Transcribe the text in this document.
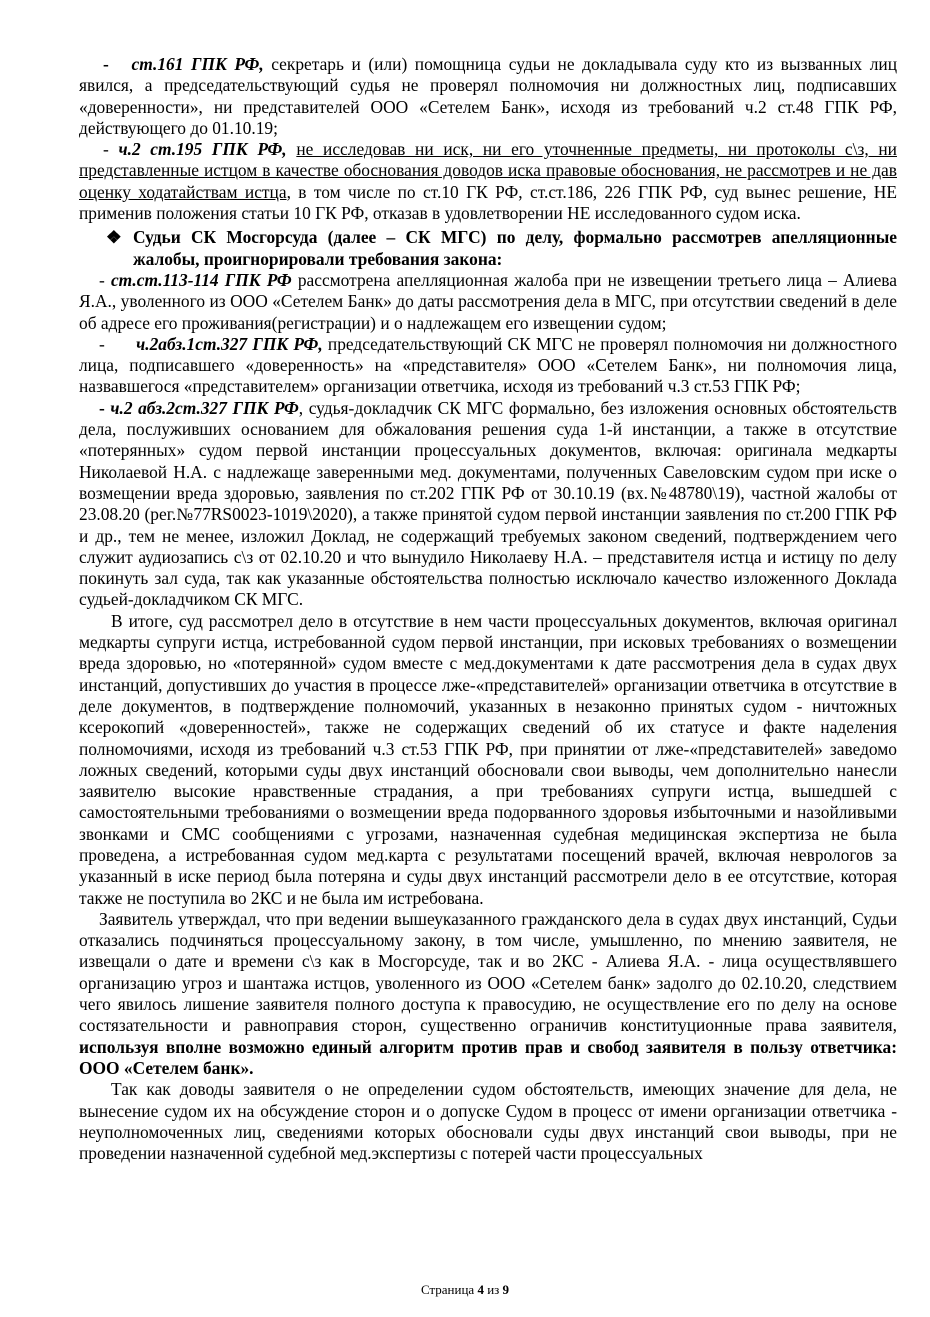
- ст.161 ГПК РФ, секретарь и (или) помощница судьи не докладывала суду кто из вызванных лиц явился, а председательствующий судья не проверял полномочия ни должностных лиц, подписавших «доверенности», ни представителей ООО «Сетелем Банк», исходя из требований ч.2 ст.48 ГПК РФ, действующего до 01.10.19;

- ч.2 ст.195 ГПК РФ, не исследовав ни иск, ни его уточненные предметы, ни протоколы с\з, ни представленные истцом в качестве обоснования доводов иска правовые обоснования, не рассмотрев и не дав оценку ходатайствам истца, в том числе по ст.10 ГК РФ, ст.ст.186, 226 ГПК РФ, суд вынес решение, НЕ применив положения статьи 10 ГК РФ, отказав в удовлетворении НЕ исследованного судом иска.

❖ Судьи СК Мосгорсуда (далее – СК МГС) по делу, формально рассмотрев апелляционные жалобы, проигнорировали требования закона:

- ст.ст.113-114 ГПК РФ рассмотрена апелляционная жалоба при не извещении третьего лица – Алиева Я.А., уволенного из ООО «Сетелем Банк» до даты рассмотрения дела в МГС, при отсутствии сведений в деле об адресе его проживания(регистрации) и о надлежащем его извещении судом;

-      ч.2абз.1ст.327 ГПК РФ, председательствующий СК МГС не проверял полномочия ни должностного лица, подписавшего «доверенность» на «представителя» ООО «Сетелем Банк», ни полномочия лица, назвавшегося «представителем» организации ответчика, исходя из требований ч.3 ст.53 ГПК РФ;

- ч.2 абз.2ст.327 ГПК РФ, судья-докладчик СК МГС формально, без изложения основных обстоятельств дела, послуживших основанием для обжалования решения суда 1-й инстанции, а также в отсутствие «потерянных» судом первой инстанции процессуальных документов, включая: оригинала медкарты Николаевой Н.А. с надлежаще заверенными мед. документами, полученных Савеловским судом при иске о возмещении вреда здоровью, заявления по ст.202 ГПК РФ от 30.10.19 (вх.№48780\19), частной жалобы от 23.08.20 (рег.№77RS0023-1019\2020), а также принятой судом первой инстанции заявления по ст.200 ГПК РФ и др., тем не менее, изложил Доклад, не содержащий требуемых законом сведений, подтверждением чего служит аудиозапись с\з от 02.10.20 и что вынудило Николаеву Н.А. – представителя истца и истицу по делу покинуть зал суда, так как указанные обстоятельства полностью исключало качество изложенного Доклада судьей-докладчиком СК МГС.

В итоге, суд рассмотрел дело в отсутствие в нем части процессуальных документов, включая оригинал медкарты супруги истца, истребованной судом первой инстанции, при исковых требованиях о возмещении вреда здоровью, но «потерянной» судом вместе с мед.документами к дате рассмотрения дела в судах двух инстанций, допустивших до участия в процессе лже-«представителей» организации ответчика в отсутствие в деле документов, в подтверждение полномочий, указанных в незаконно принятых судом - ничтожных ксерокопий «доверенностей», также не содержащих сведений об их статусе и факте наделения полномочиями, исходя из требований ч.3 ст.53 ГПК РФ, при принятии от лже-«представителей» заведомо ложных сведений, которыми суды двух инстанций обосновали свои выводы, чем дополнительно нанесли заявителю высокие нравственные страдания, а при требованиях супруги истца, вышедшей с самостоятельными требованиями о возмещении вреда подорванного здоровья избыточными и назойливыми звонками и СМС сообщениями с угрозами, назначенная судебная медицинская экспертиза не была проведена, а истребованная судом мед.карта с результатами посещений врачей, включая неврологов за указанный в иске период была потеряна и суды двух инстанций рассмотрели дело в ее отсутствие, которая также не поступила во 2КС и не была им истребована.

Заявитель утверждал, что при ведении вышеуказанного гражданского дела в судах двух инстанций, Судьи отказались подчиняться процессуальному закону, в том числе, умышленно, по мнению заявителя, не извещали о дате и времени с\з как в Мосгорсуде, так и во 2КС - Алиева Я.А. - лица осуществлявшего организацию угроз и шантажа истцов, уволенного из ООО «Сетелем банк» задолго до 02.10.20, следствием чего явилось лишение заявителя полного доступа к правосудию, не осуществление его по делу на основе состязательности и равноправия сторон, существенно ограничив конституционные права заявителя, используя вполне возможно единый алгоритм против прав и свобод заявителя в пользу ответчика: ООО «Сетелем банк».

Так как доводы заявителя о не определении судом обстоятельств, имеющих значение для дела, не вынесение судом их на обсуждение сторон и о допуске Судом в процесс от имени организации ответчика - неуполномоченных лиц, сведениями которых обосновали суды двух инстанций свои выводы, при не проведении назначенной судебной мед.экспертизы с потерей части процессуальных

Страница 4 из 9
